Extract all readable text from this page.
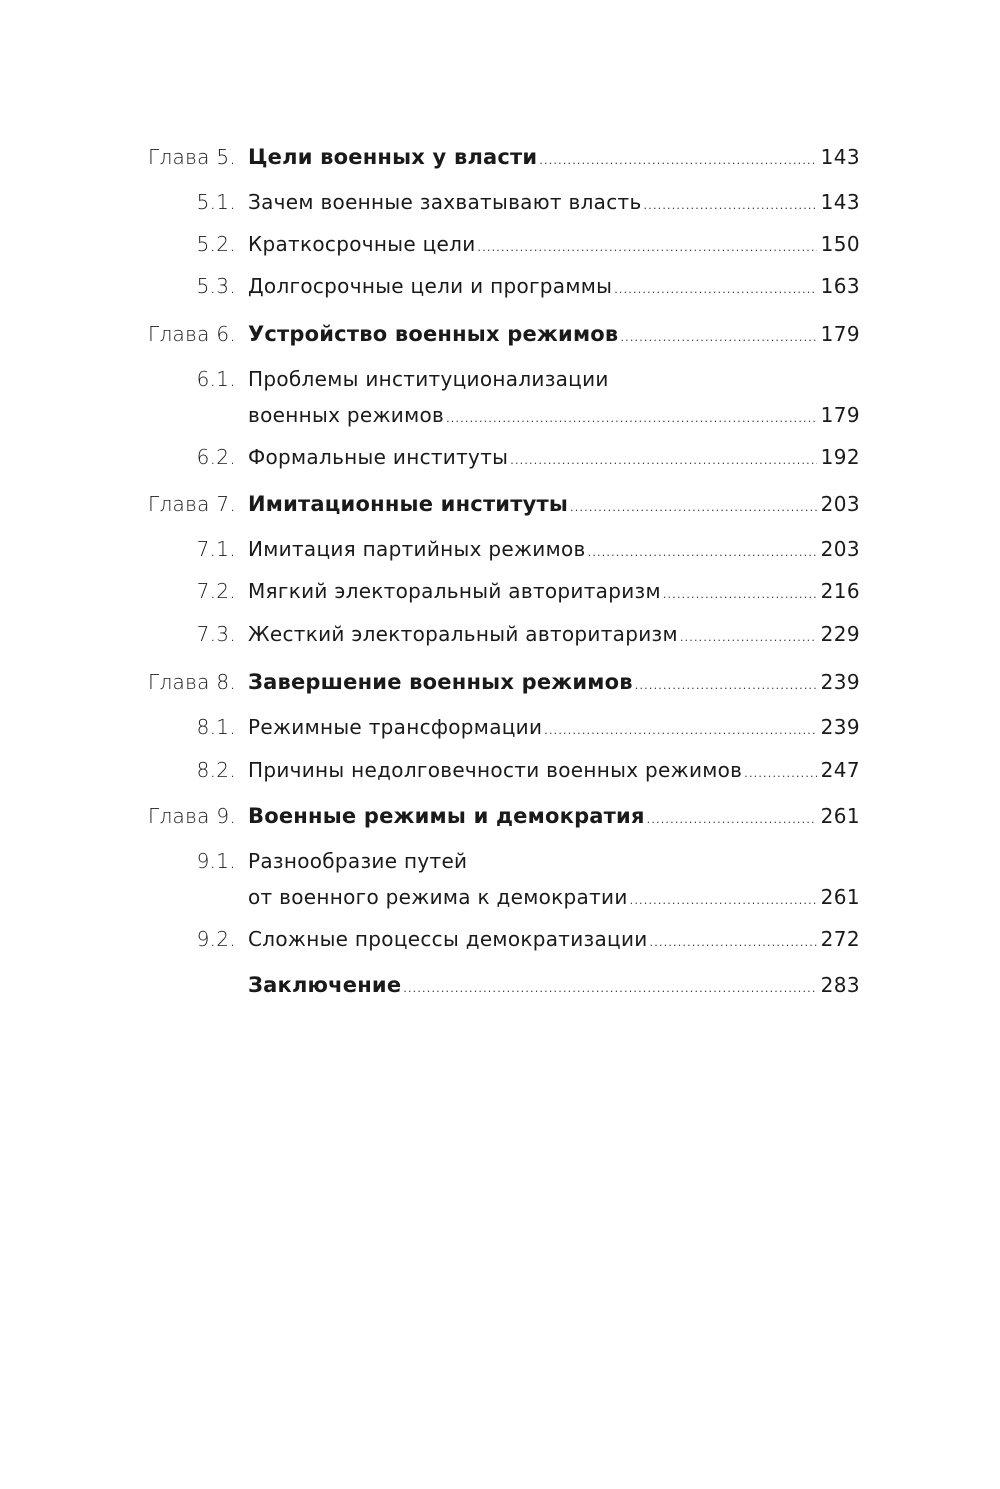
Глава 5. Цели военных у власти .....	143
5.1. Зачем военные захватывают власть .....	143
5.2. Краткосрочные цели .....	150
5.3. Долгосрочные цели и программы .....	163
Глава 6. Устройство военных режимов .....	179
6.1. Проблемы институционализации
военных режимов .....	179
6.2. Формальные институты .....	192
Глава 7. Имитационные институты .....	203
7.1. Имитация партийных режимов .....	203
7.2. Мягкий электоральный авторитаризм .....	216
7.3. Жесткий электоральный авторитаризм .....	229
Глава 8. Завершение военных режимов .....	239
8.1. Режимные трансформации .....	239
8.2. Причины недолговечности военных режимов .....	247
Глава 9. Военные режимы и демократия .....	261
9.1. Разнообразие путей
от военного режима к демократии .....	261
9.2. Сложные процессы демократизации .....	272
Заключение .....	283
